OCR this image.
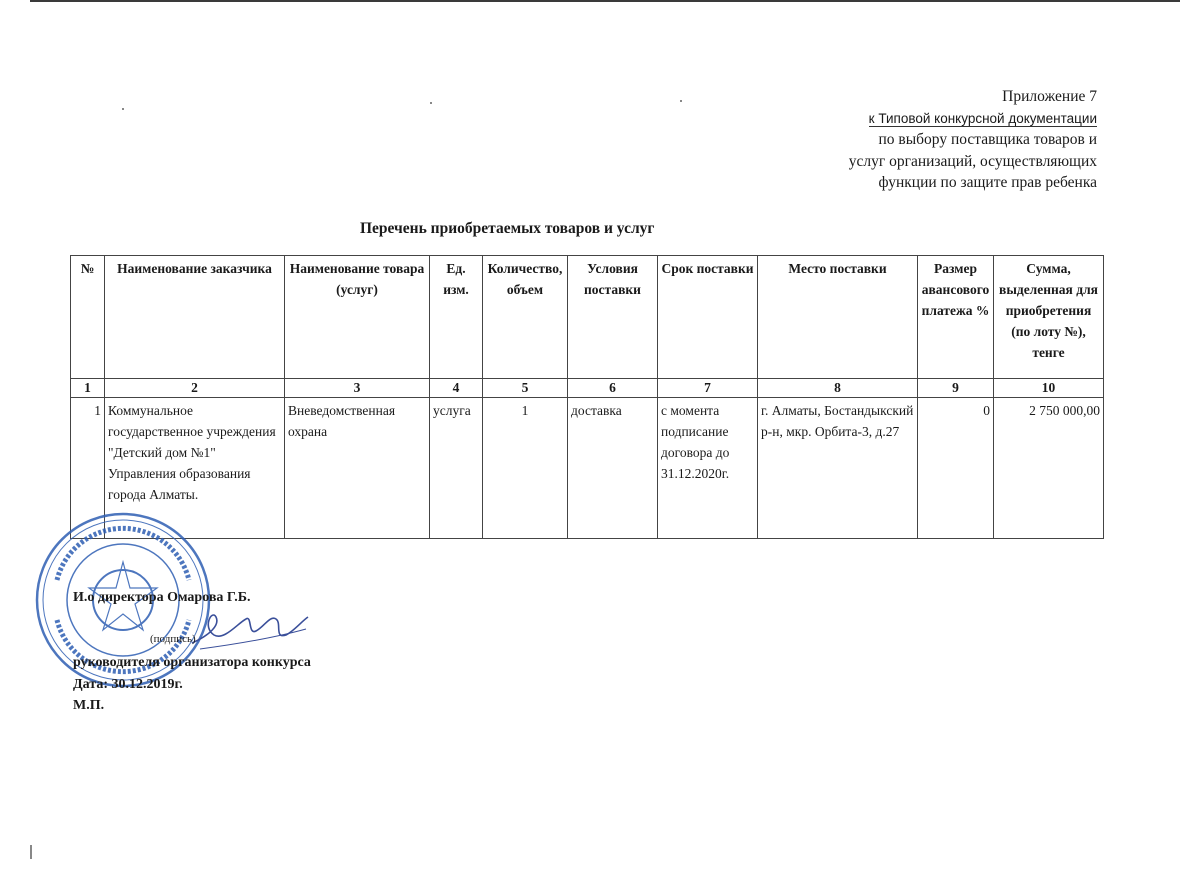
Приложение 7
к Типовой конкурсной документации
по выбору поставщика товаров и
услуг организаций, осуществляющих
функции по защите прав ребенка
Перечень приобретаемых товаров и услуг
№	Наименование заказчика	Наименование товара (услуг)	Ед. изм.	Количество, объем	Условия поставки	Срок поставки	Место поставки	Размер авансового платежа %	Сумма, выделенная для приобретения (по лоту №), тенге
1	2	3	4	5	6	7	8	9	10
1	Коммунальное государственное учреждения "Детский дом №1" Управления образования города Алматы.	Вневедомственная охрана	услуга	1	доставка	с момента подписание договора до 31.12.2020г.	г. Алматы, Бостандыкский р-н, мкр. Орбита-3, д.27	0	2 750 000,00
И.о директора Омарова Г.Б.
(подпись)
руководителя организатора конкурса
Дата: 30.12.2019г.
М.П.
